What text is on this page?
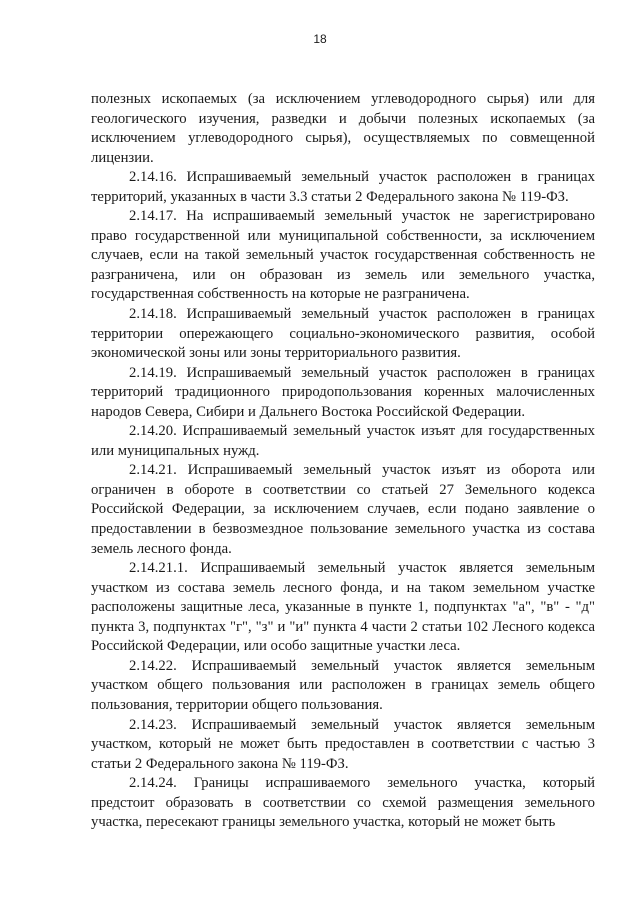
18

полезных ископаемых (за исключением углеводородного сырья) или для геологического изучения, разведки и добычи полезных ископаемых (за исключением углеводородного сырья), осуществляемых по совмещенной лицензии.

2.14.16. Испрашиваемый земельный участок расположен в границах территорий, указанных в части 3.3 статьи 2 Федерального закона № 119-ФЗ.

2.14.17. На испрашиваемый земельный участок не зарегистрировано право государственной или муниципальной собственности, за исключением случаев, если на такой земельный участок государственная собственность не разграничена, или он образован из земель или земельного участка, государственная собственность на которые не разграничена.

2.14.18. Испрашиваемый земельный участок расположен в границах территории опережающего социально-экономического развития, особой экономической зоны или зоны территориального развития.

2.14.19. Испрашиваемый земельный участок расположен в границах территорий традиционного природопользования коренных малочисленных народов Севера, Сибири и Дальнего Востока Российской Федерации.

2.14.20. Испрашиваемый земельный участок изъят для государственных или муниципальных нужд.

2.14.21. Испрашиваемый земельный участок изъят из оборота или ограничен в обороте в соответствии со статьей 27 Земельного кодекса Российской Федерации, за исключением случаев, если подано заявление о предоставлении в безвозмездное пользование земельного участка из состава земель лесного фонда.

2.14.21.1. Испрашиваемый земельный участок является земельным участком из состава земель лесного фонда, и на таком земельном участке расположены защитные леса, указанные в пункте 1, подпунктах "а", "в" - "д" пункта 3, подпунктах "г", "з" и "и" пункта 4 части 2 статьи 102 Лесного кодекса Российской Федерации, или особо защитные участки леса.

2.14.22. Испрашиваемый земельный участок является земельным участком общего пользования или расположен в границах земель общего пользования, территории общего пользования.

2.14.23. Испрашиваемый земельный участок является земельным участком, который не может быть предоставлен в соответствии с частью 3 статьи 2 Федерального закона № 119-ФЗ.

2.14.24. Границы испрашиваемого земельного участка, который предстоит образовать в соответствии со схемой размещения земельного участка, пересекают границы земельного участка, который не может быть
